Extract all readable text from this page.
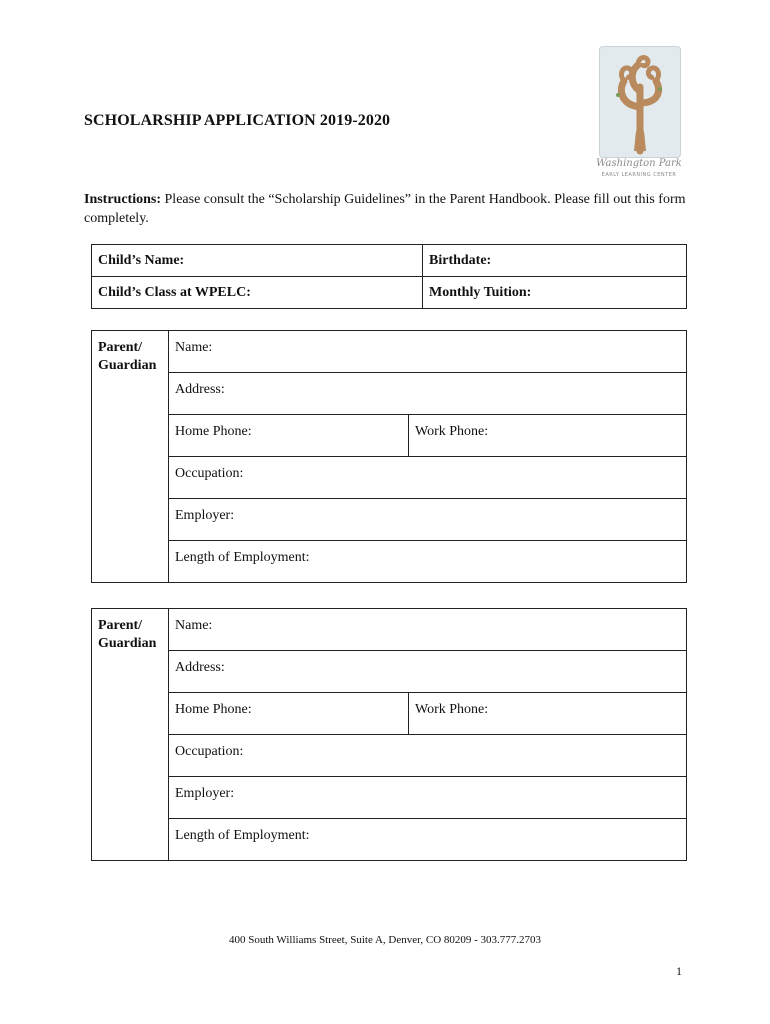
Washington Park
EARLY LEARNING CENTER
SCHOLARSHIP APPLICATION 2019-2020
Instructions: Please consult the “Scholarship Guidelines” in the Parent Handbook. Please fill out this form completely.
Child’s Name:	Birthdate:
Child’s Class at WPELC:	Monthly Tuition:
Parent/ Guardian	Name:	
	Address:	
	Home Phone:	Work Phone:
	Occupation:	
	Employer:	
	Length of Employment:	
Parent/ Guardian	Name:	
	Address:	
	Home Phone:	Work Phone:
	Occupation:	
	Employer:	
	Length of Employment:	
400 South Williams Street, Suite A, Denver, CO 80209 - 303.777.2703
1
